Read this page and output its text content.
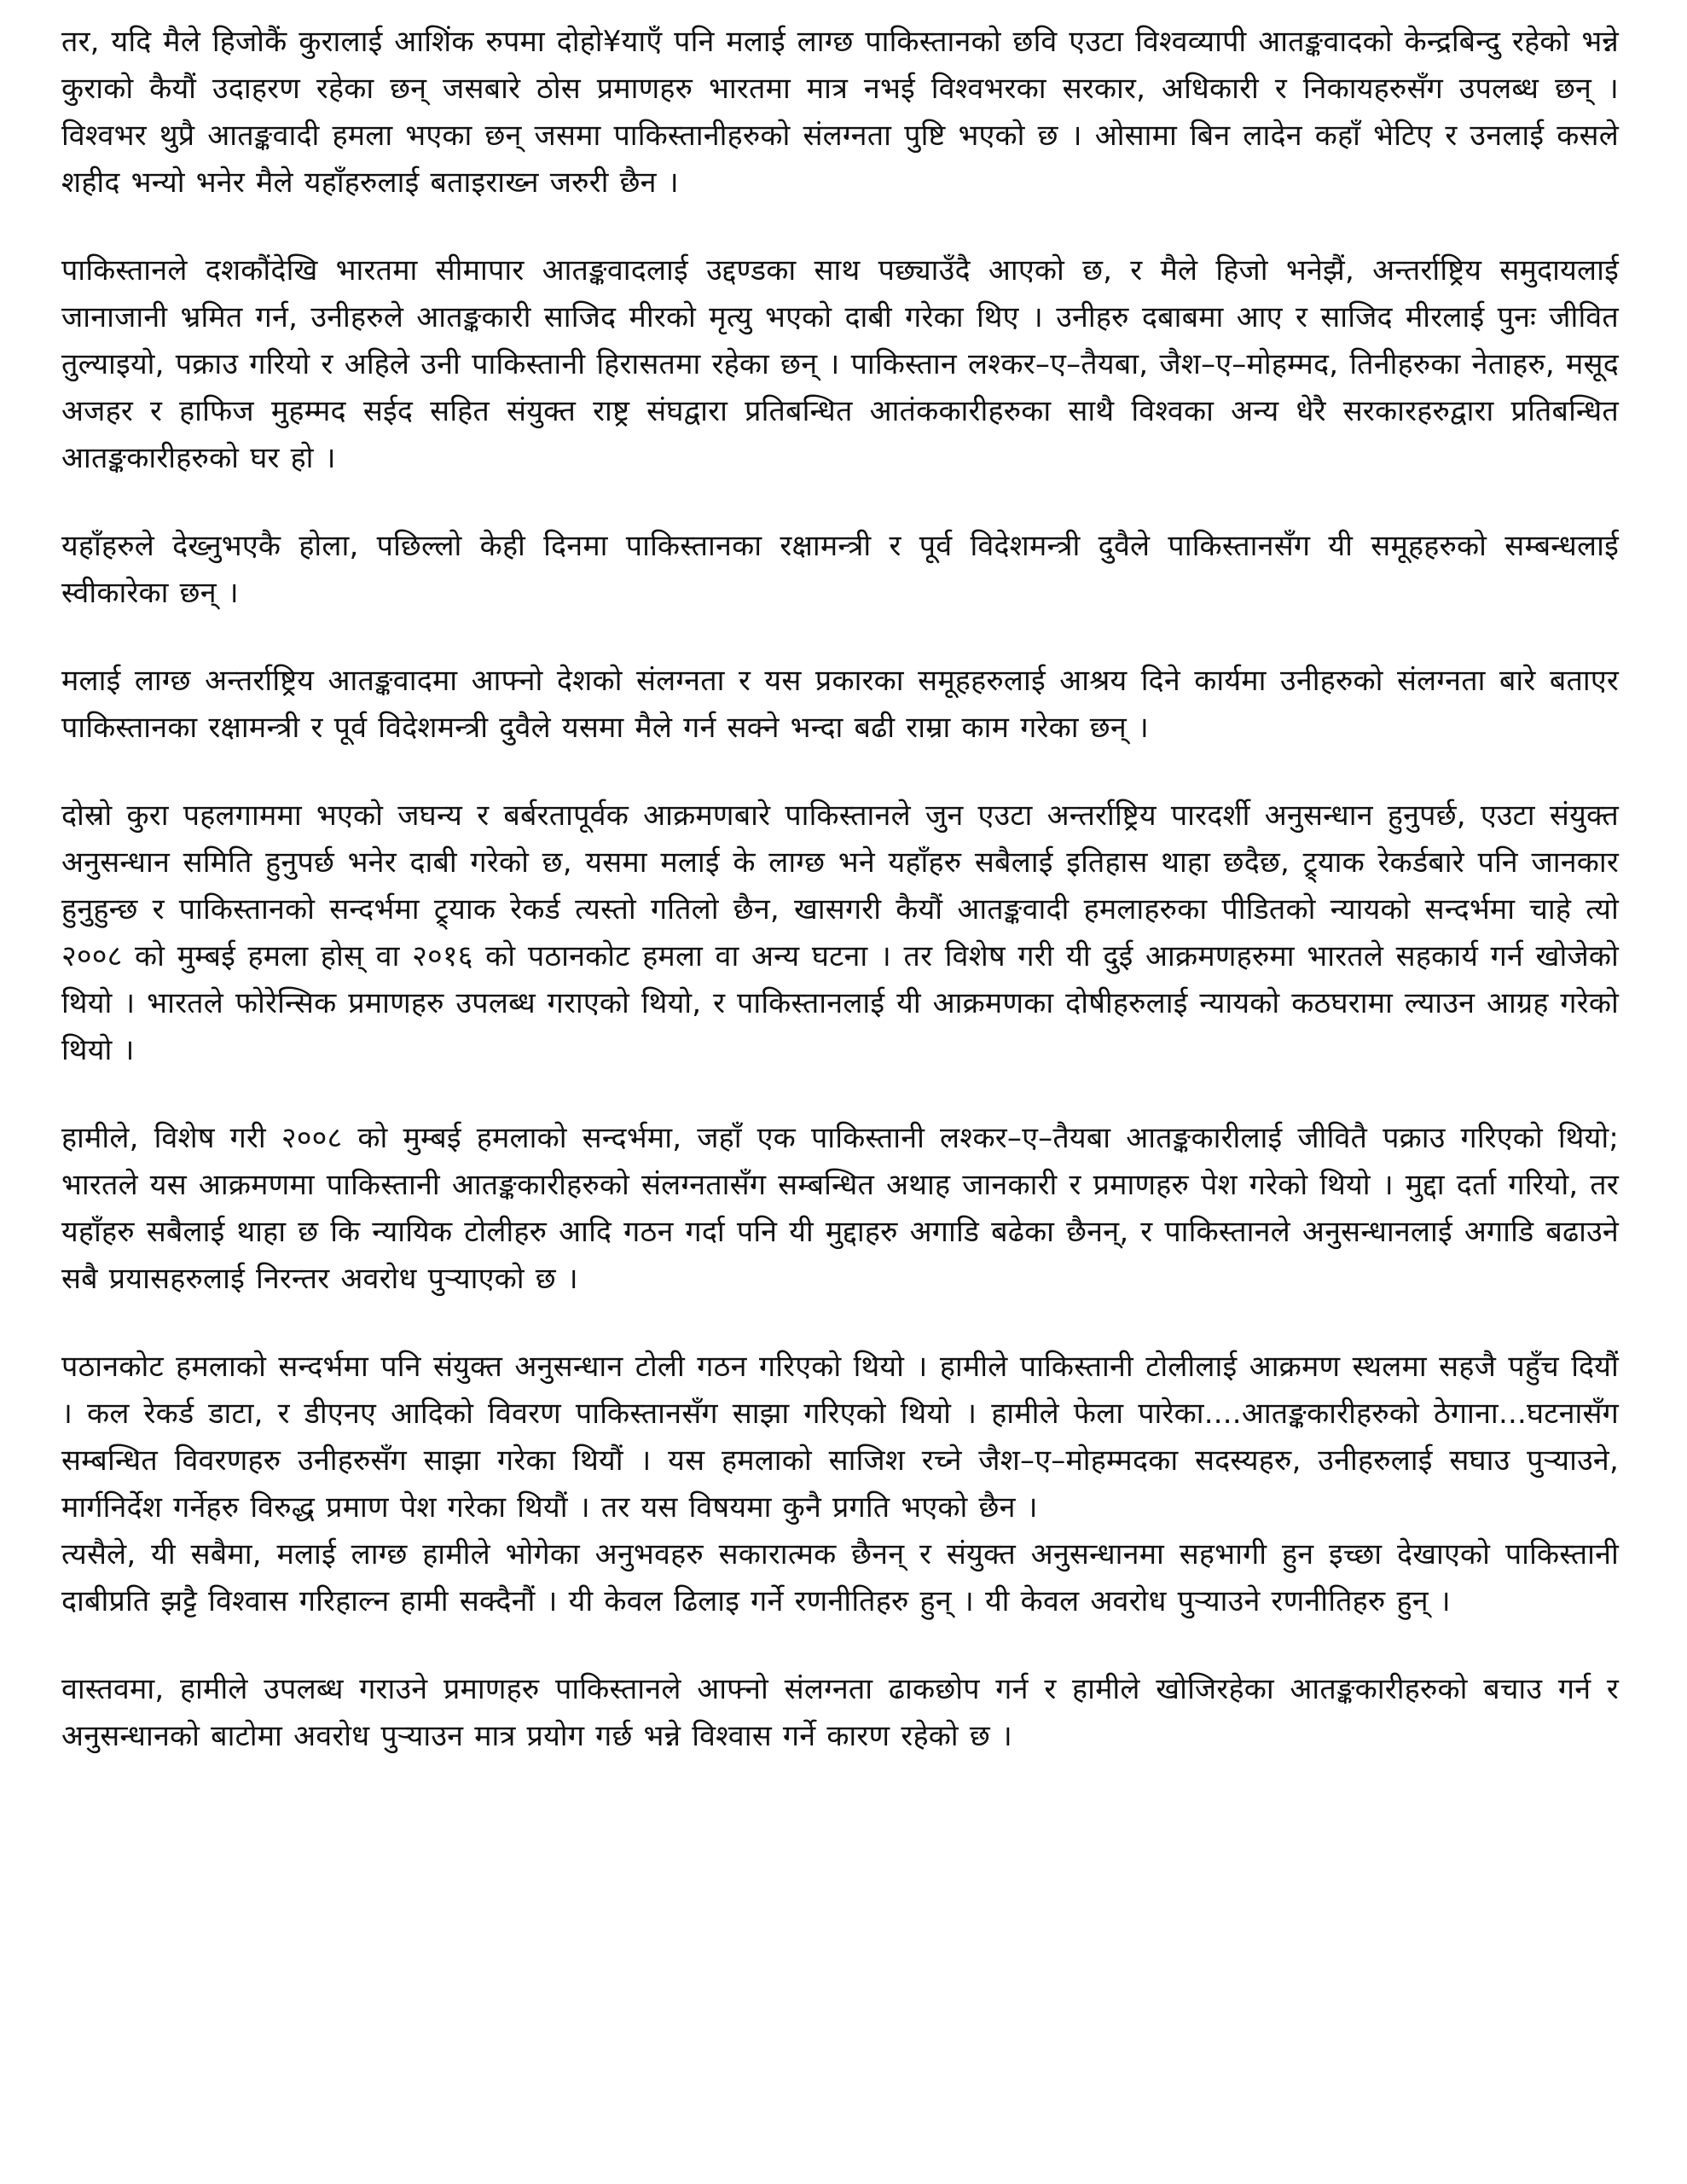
तर, यदि मैले हिजोकैं कुरालाई आशिंक रुपमा दोहो¥याएँ पनि मलाई लाग्छ पाकिस्तानको छवि एउटा विश्वव्यापी आतङ्कवादको केन्द्रबिन्दु रहेको भन्ने कुराको कैयौं उदाहरण रहेका छन् जसबारे ठोस प्रमाणहरु भारतमा मात्र नभई विश्वभरका सरकार, अधिकारी र निकायहरुसँग उपलब्ध छन् । विश्वभर थुप्रै आतङ्कवादी हमला भएका छन् जसमा पाकिस्तानीहरुको संलग्नता पुष्टि भएको छ । ओसामा बिन लादेन कहाँ भेटिए र उनलाई कसले शहीद भन्यो भनेर मैले यहाँहरुलाई बताइराख्न जरुरी छैन ।

पाकिस्तानले दशकौंदेखि भारतमा सीमापार आतङ्कवादलाई उद्दण्डका साथ पछ्याउँदै आएको छ, र मैले हिजो भनेझैं, अन्तर्राष्ट्रिय समुदायलाई जानाजानी भ्रमित गर्न, उनीहरुले आतङ्ककारी साजिद मीरको मृत्यु भएको दाबी गरेका थिए । उनीहरु दबाबमा आए र साजिद मीरलाई पुनः जीवित तुल्याइयो, पक्राउ गरियो र अहिले उनी पाकिस्तानी हिरासतमा रहेका छन् । पाकिस्तान लश्कर–ए–तैयबा, जैश–ए–मोहम्मद, तिनीहरुका नेताहरु, मसूद अजहर र हाफिज मुहम्मद सईद सहित संयुक्त राष्ट्र संघद्वारा प्रतिबन्धित आतंककारीहरुका साथै विश्वका अन्य धेरै सरकारहरुद्वारा प्रतिबन्धित आतङ्ककारीहरुको घर हो ।

यहाँहरुले देख्नुभएकै होला, पछिल्लो केही दिनमा पाकिस्तानका रक्षामन्त्री र पूर्व विदेशमन्त्री दुवैले पाकिस्तानसँग यी समूहहरुको सम्बन्धलाई स्वीकारेका छन् ।

मलाई लाग्छ अन्तर्राष्ट्रिय आतङ्कवादमा आफ्नो देशको संलग्नता र यस प्रकारका समूहहरुलाई आश्रय दिने कार्यमा उनीहरुको संलग्नता बारे बताएर पाकिस्तानका रक्षामन्त्री र पूर्व विदेशमन्त्री दुवैले यसमा मैले गर्न सक्ने भन्दा बढी राम्रा काम गरेका छन् ।

दोस्रो कुरा पहलगाममा भएको जघन्य र बर्बरतापूर्वक आक्रमणबारे पाकिस्तानले जुन एउटा अन्तर्राष्ट्रिय पारदर्शी अनुसन्धान हुनुपर्छ, एउटा संयुक्त अनुसन्धान समिति हुनुपर्छ भनेर दाबी गरेको छ, यसमा मलाई के लाग्छ भने यहाँहरु सबैलाई इतिहास थाहा छदैछ, ट्र्याक रेकर्डबारे पनि जानकार हुनुहुन्छ र पाकिस्तानको सन्दर्भमा ट्र्याक रेकर्ड त्यस्तो गतिलो छैन, खासगरी कैयौं आतङ्कवादी हमलाहरुका पीडितको न्यायको सन्दर्भमा चाहे त्यो २००८ को मुम्बई हमला होस् वा २०१६ को पठानकोट हमला वा अन्य घटना । तर विशेष गरी यी दुई आक्रमणहरुमा भारतले सहकार्य गर्न खोजेको थियो । भारतले फोरेन्सिक प्रमाणहरु उपलब्ध गराएको थियो, र पाकिस्तानलाई यी आक्रमणका दोषीहरुलाई न्यायको कठघरामा ल्याउन आग्रह गरेको थियो ।

हामीले, विशेष गरी २००८ को मुम्बई हमलाको सन्दर्भमा, जहाँ एक पाकिस्तानी लश्कर–ए–तैयबा आतङ्ककारीलाई जीवितै पक्राउ गरिएको थियो; भारतले यस आक्रमणमा पाकिस्तानी आतङ्ककारीहरुको संलग्नतासँग सम्बन्धित अथाह जानकारी र प्रमाणहरु पेश गरेको थियो । मुद्दा दर्ता गरियो, तर यहाँहरु सबैलाई थाहा छ कि न्यायिक टोलीहरु आदि गठन गर्दा पनि यी मुद्दाहरु अगाडि बढेका छैनन्, र पाकिस्तानले अनुसन्धानलाई अगाडि बढाउने सबै प्रयासहरुलाई निरन्तर अवरोध पुर्‍याएको छ ।

पठानकोट हमलाको सन्दर्भमा पनि संयुक्त अनुसन्धान टोली गठन गरिएको थियो । हामीले पाकिस्तानी टोलीलाई आक्रमण स्थलमा सहजै पहुँच दियौं । कल रेकर्ड डाटा, र डीएनए आदिको विवरण पाकिस्तानसँग साझा गरिएको थियो । हामीले फेला पारेका....आतङ्ककारीहरुको ठेगाना...घटनासँग सम्बन्धित विवरणहरु उनीहरुसँग साझा गरेका थियौं । यस हमलाको साजिश रच्ने जैश–ए–मोहम्मदका सदस्यहरु, उनीहरुलाई सघाउ पुर्‍याउने, मार्गनिर्देश गर्नेहरु विरुद्ध प्रमाण पेश गरेका थियौं । तर यस विषयमा कुनै प्रगति भएको छैन ।

त्यसैले, यी सबैमा, मलाई लाग्छ हामीले भोगेका अनुभवहरु सकारात्मक छैनन् र संयुक्त अनुसन्धानमा सहभागी हुन इच्छा देखाएको पाकिस्तानी दाबीप्रति झट्टै विश्वास गरिहाल्न हामी सक्दैनौं । यी केवल ढिलाइ गर्ने रणनीतिहरु हुन् । यी केवल अवरोध पुर्‍याउने रणनीतिहरु हुन् ।

वास्तवमा, हामीले उपलब्ध गराउने प्रमाणहरु पाकिस्तानले आफ्नो संलग्नता ढाकछोप गर्न र हामीले खोजिरहेका आतङ्ककारीहरुको बचाउ गर्न र अनुसन्धानको बाटोमा अवरोध पुर्‍याउन मात्र प्रयोग गर्छ भन्ने विश्वास गर्ने कारण रहेको छ ।
